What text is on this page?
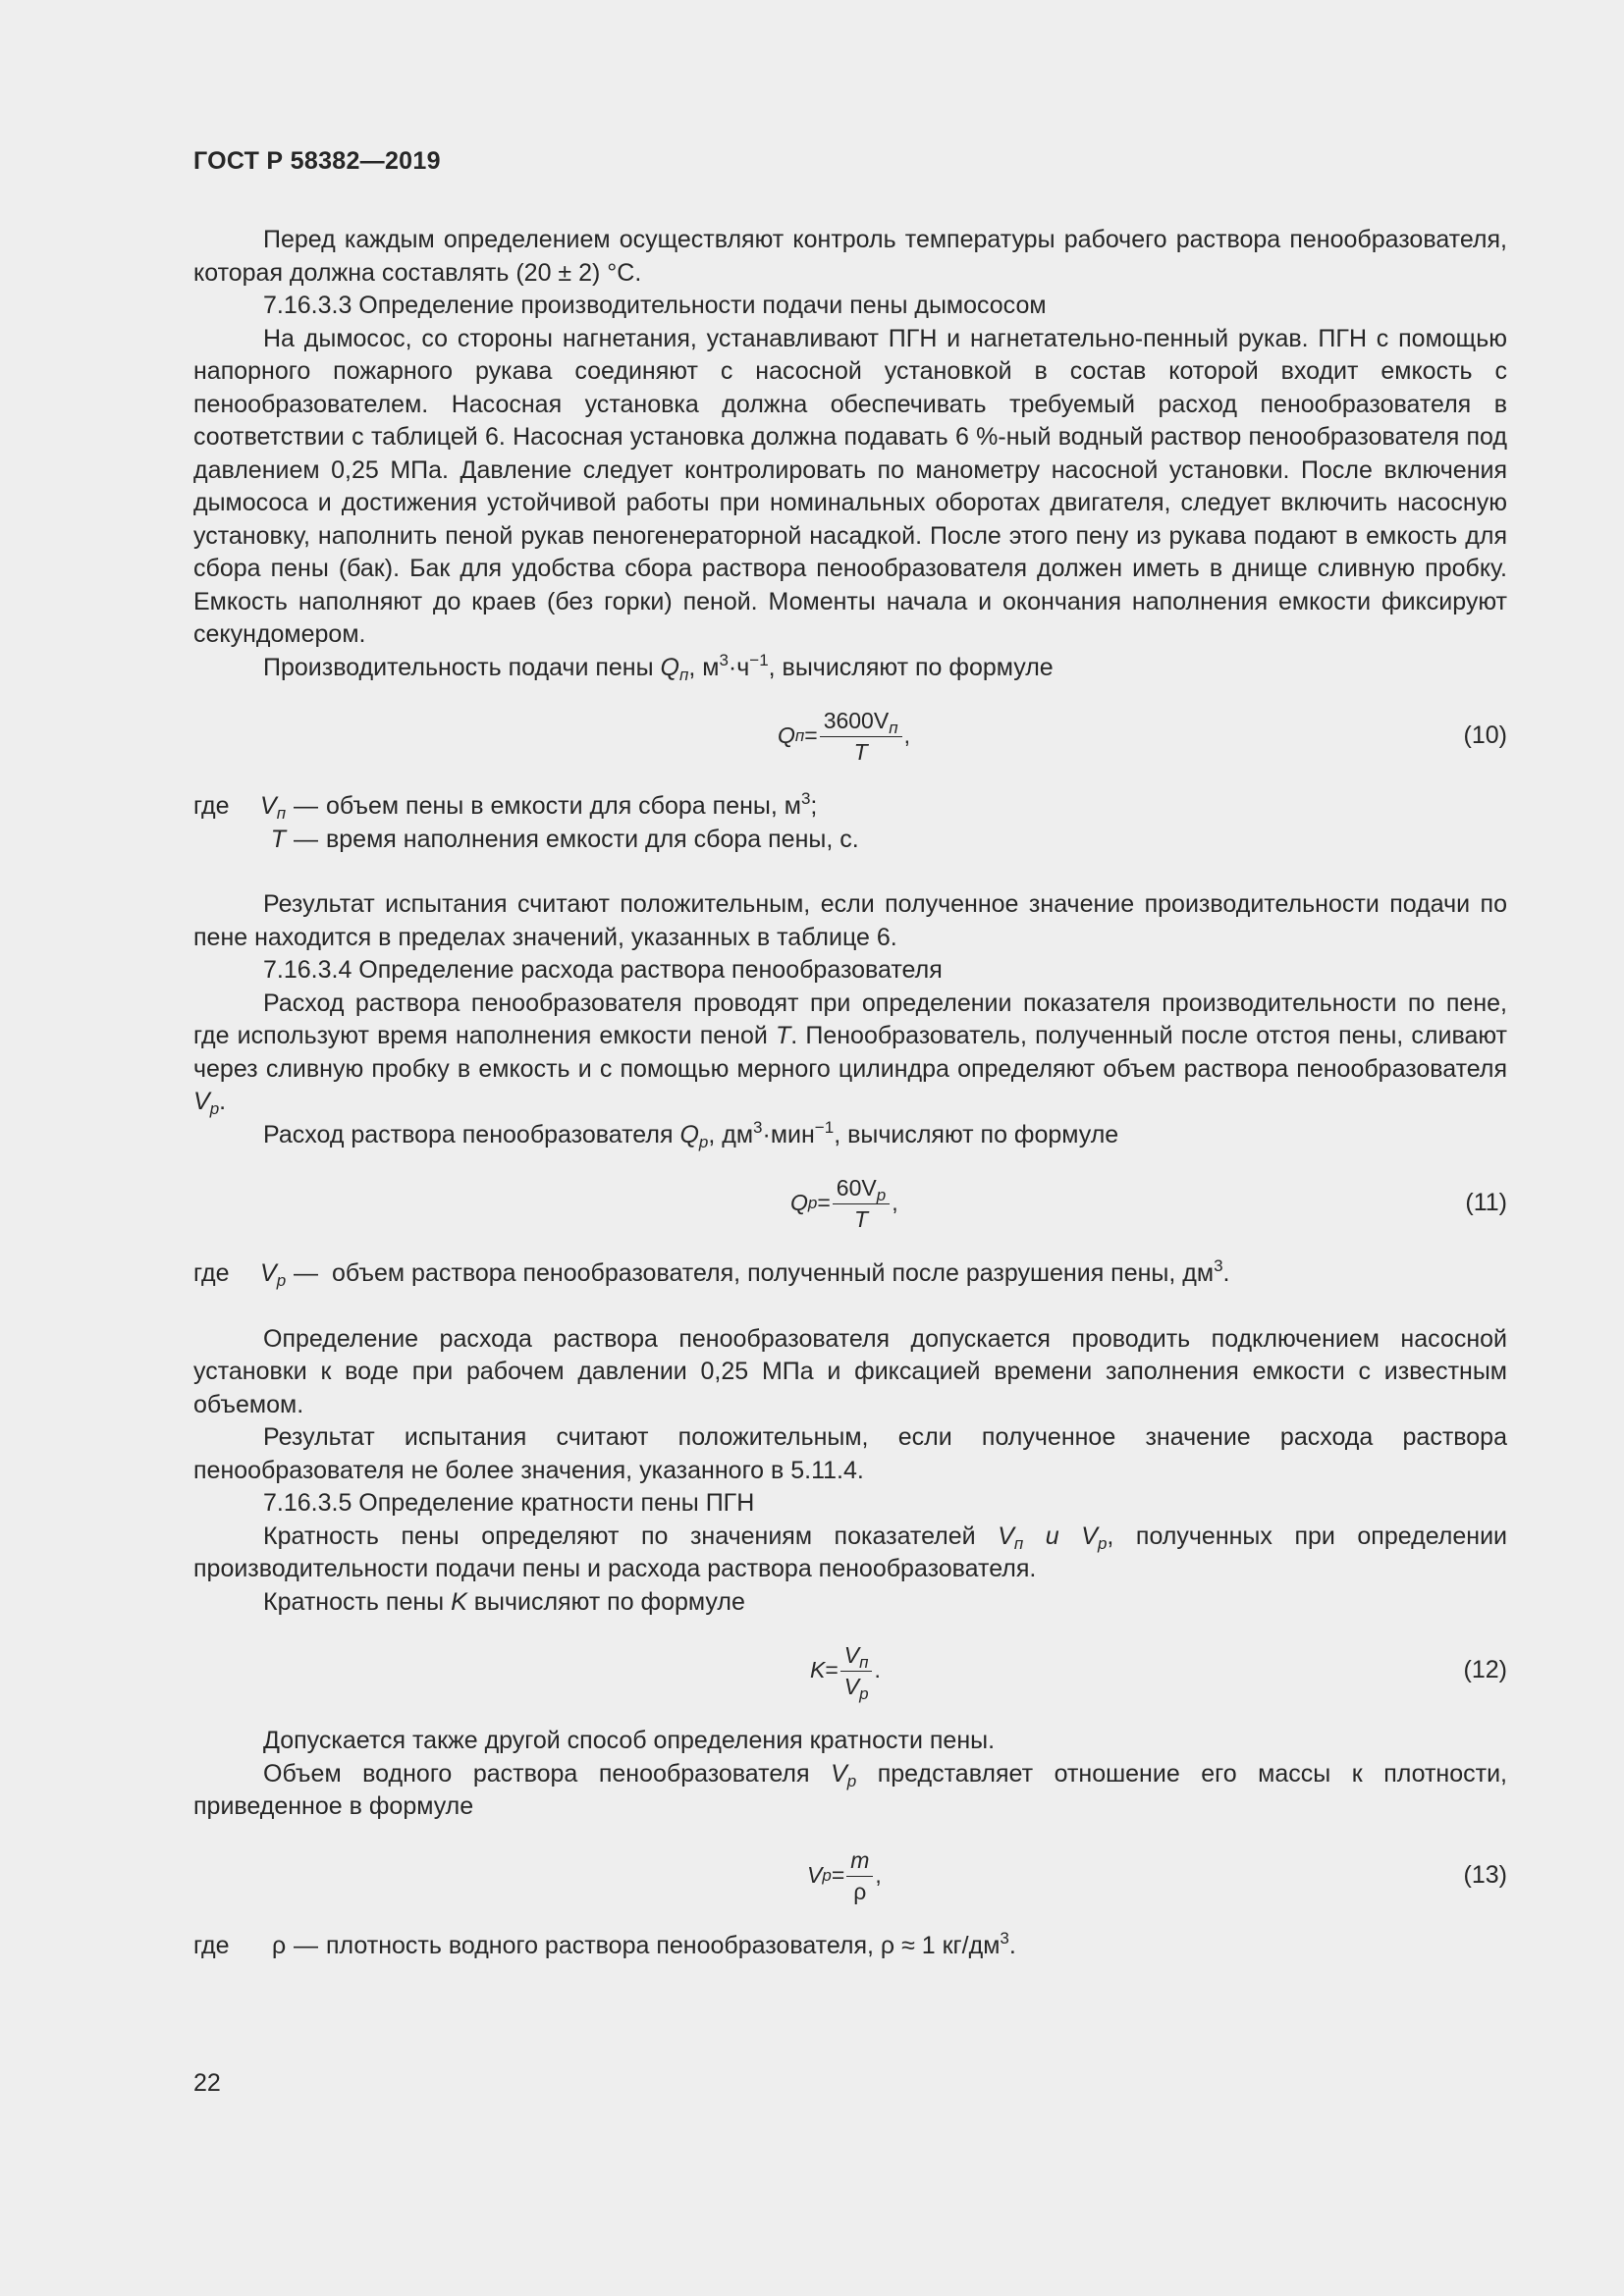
ГОСТ Р 58382—2019

Перед каждым определением осуществляют контроль температуры рабочего раствора пенообразователя, которая должна составлять (20 ± 2) °С.

7.16.3.3 Определение производительности подачи пены дымососом

На дымосос, со стороны нагнетания, устанавливают ПГН и нагнетательно-пенный рукав. ПГН с помощью напорного пожарного рукава соединяют с насосной установкой в состав которой входит емкость с пенообразователем. Насосная установка должна обеспечивать требуемый расход пенообразователя в соответствии с таблицей 6. Насосная установка должна подавать 6 %-ный водный раствор пенообразователя под давлением 0,25 МПа. Давление следует контролировать по манометру насосной установки. После включения дымососа и достижения устойчивой работы при номинальных оборотах двигателя, следует включить насосную установку, наполнить пеной рукав пеногенераторной насадкой. После этого пену из рукава подают в емкость для сбора пены (бак). Бак для удобства сбора раствора пенообразователя должен иметь в днище сливную пробку. Емкость наполняют до краев (без горки) пеной. Моменты начала и окончания наполнения емкости фиксируют секундомером.

Производительность подачи пены $Q_п$, $м^3\cdot ч^{-1}$, вычисляют по формуле

Q $п = \frac{3600V_п}{T}$ ,	(10)
где	$V_п$ — объем пены в емкости для сбора пены, $м^3$;
T — время наполнения емкости для сбора пены, с.

Результат испытания считают положительным, если полученное значение производительности подачи по пене находится в пределах значений, указанных в таблице 6.

7.16.3.4 Определение расхода раствора пенообразователя

Расход раствора пенообразователя проводят при определении показателя производительности по пене, где используют время наполнения емкости пеной T. Пенообразователь, полученный после отстоя пены, сливают через сливную пробку в емкость и с помощью мерного цилиндра определяют объем раствора пенообразователя $V_p$.

Расход раствора пенообразователя $Q_p$, $дм^3\cdot мин^{-1}$, вычисляют по формуле

Q $p = \frac{60V_p}{T}$ ,	(11)
где	$V_p$ — объем раствора пенообразователя, полученный после разрушения пены, $дм^3$.

Определение расхода раствора пенообразователя допускается проводить подключением насосной установки к воде при рабочем давлении 0,25 МПа и фиксацией времени заполнения емкости с известным объемом.

Результат испытания считают положительным, если полученное значение расхода раствора пенообразователя не более значения, указанного в 5.11.4.

7.16.3.5 Определение кратности пены ПГН

Кратность пены определяют по значениям показателей $V_п$ и $V_p$, полученных при определении производительности подачи пены и расхода раствора пенообразователя.

Кратность пены K вычисляют по формуле

$K = \frac{V_п}{V_p}$ .	(12)

Допускается также другой способ определения кратности пены.

Объем водного раствора пенообразователя $V_p$ представляет отношение его массы к плотности, приведенное в формуле

V $p = \frac{m}{\rho}$ ,	(13)
где	ρ — плотность водного раствора пенообразователя, ρ ≈ 1 $кг/дм^3$.
22
